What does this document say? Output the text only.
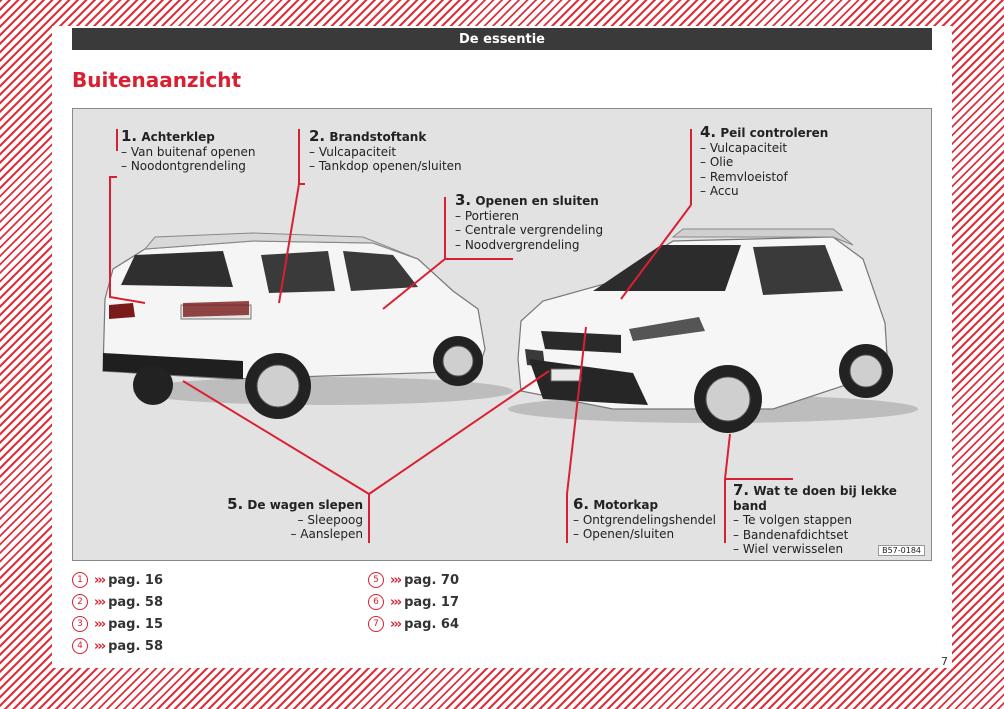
De essentie
Buitenaanzicht
1. Achterklep
– Van buitenaf openen
– Noodontgrendeling
2. Brandstoftank
– Vulcapaciteit
– Tankdop openen/sluiten
3. Openen en sluiten
– Portieren
– Centrale vergrendeling
– Noodvergrendeling
4. Peil controleren
– Vulcapaciteit
– Olie
– Remvloeistof
– Accu
5. De wagen slepen
– Sleepoog
– Aanslepen
6. Motorkap
– Ontgrendelingshendel
– Openen/sluiten
7. Wat te doen bij lekke band
– Te volgen stappen
– Bandenafdichtset
– Wiel verwisselen	B57-0184
1 ››› pag. 16
2 ››› pag. 58
3 ››› pag. 15
4 ››› pag. 58
5 ››› pag. 70
6 ››› pag. 17
7 ››› pag. 64
7
